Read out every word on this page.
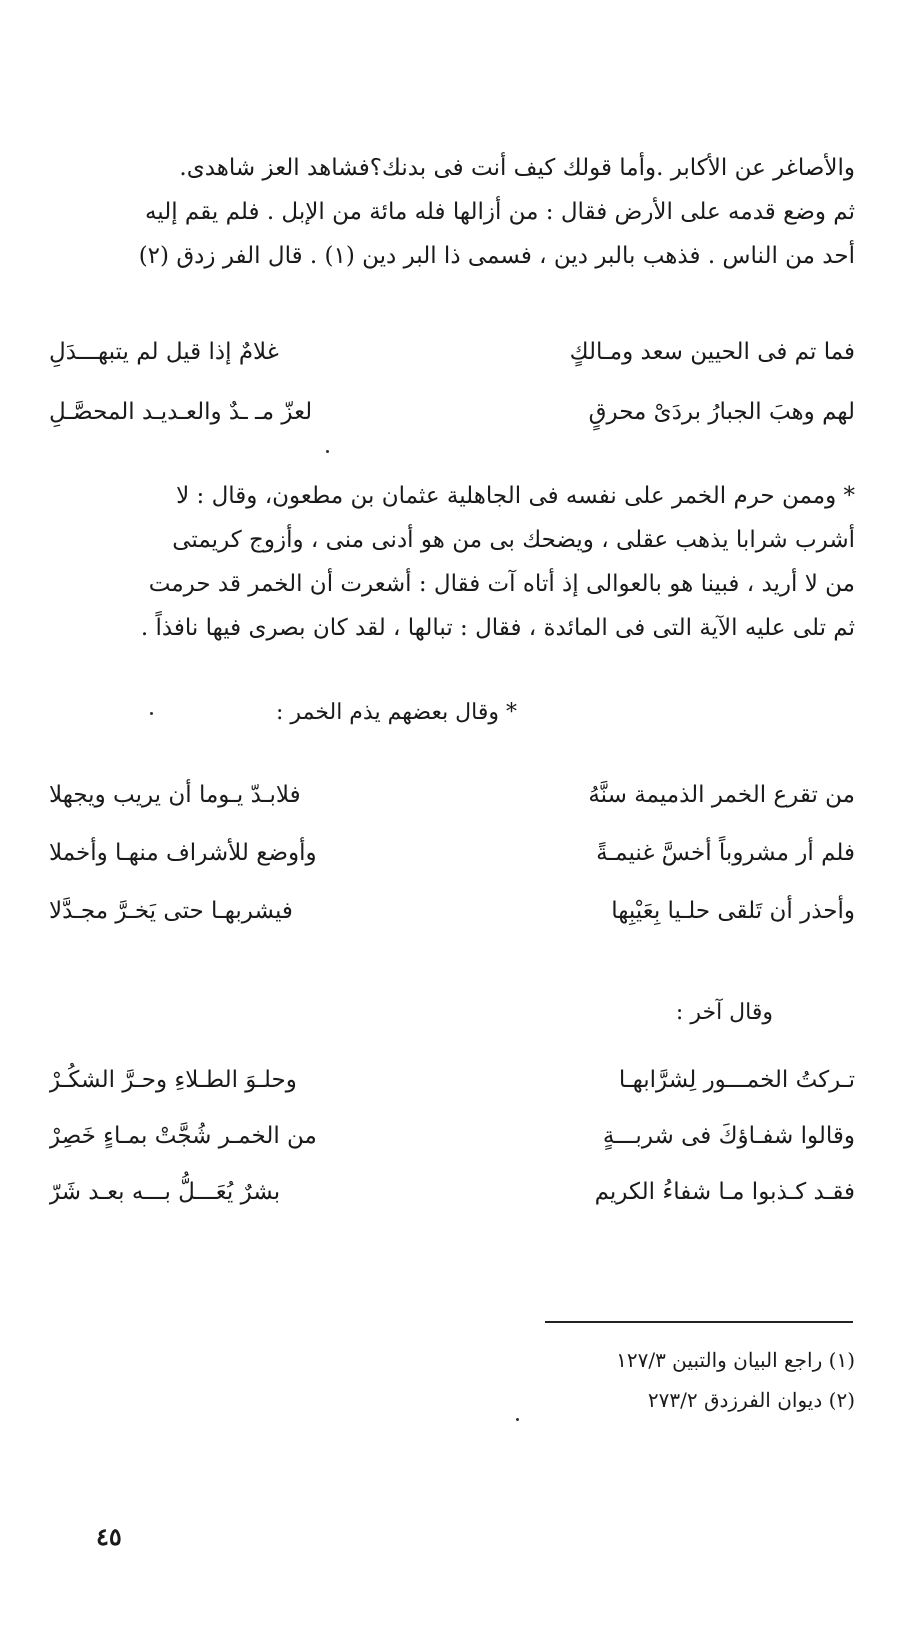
والأصاغر عن الأكابر .وأما قولك كيف أنت فى بدنك؟فشاهد العز شاهدى.
ثم وضع قدمه على الأرض فقال : من أزالها فله مائة من الإبل . فلم يقم إليه
أحد من الناس . فذهب بالبر دين ، فسمى ذا البر دين (١) . قال الفر زدق (٢)
فما تم فى الحيين سعد ومـالكٍ
غلامٌ إذا قيل لم يتبهـــدَلِ
لهم وهبَ الجبارُ بردَىْ محرقٍ
لعزّ مـ ـدٌ والعـديـد المحصَّـلِ
* وممن حرم الخمر على نفسه فى الجاهلية عثمان بن مطعون، وقال : لا
أشرب شرابا يذهب عقلى ، ويضحك بى من هو أدنى منى ، وأزوج كريمتى
من لا أريد ، فبينا هو بالعوالى إذ أتاه آت فقال : أشعرت أن الخمر قد حرمت
ثم تلى عليه الآية التى فى المائدة ، فقال : تبالها ، لقد كان بصرى فيها نافذاً .
* وقال بعضهم يذم الخمر :
من تقرع الخمر الذميمة سنَّهُ
فلابـدّ يـوما أن يريب ويجهلا
فلم أر مشروباً أخسَّ غنيمـةً
وأوضع للأشراف منهـا وأخملا
وأحذر أن تَلقى حلـيا بِعَيْبِها
فيشربهـا حتى يَخـرَّ مجـدَّلا
وقال آخر :
تـركتُ الخمـــور لِشرَّابهـا
وحلـوَ الطـلاءِ وحـرَّ الشكُـرْ
وقالوا شفـاؤكَ فى شربـــةٍ
من الخمـر شُجَّتْ بمـاءٍ خَصِرْ
فقـد كـذبوا مـا شفاءُ الكريم
بشرٌ يُعَـــلُّ بـــه بعـد شَرّ
(١) راجع البيان والتبين ١٢٧/٣
(٢) ديوان الفرزدق ٢٧٣/٢
٤٥
